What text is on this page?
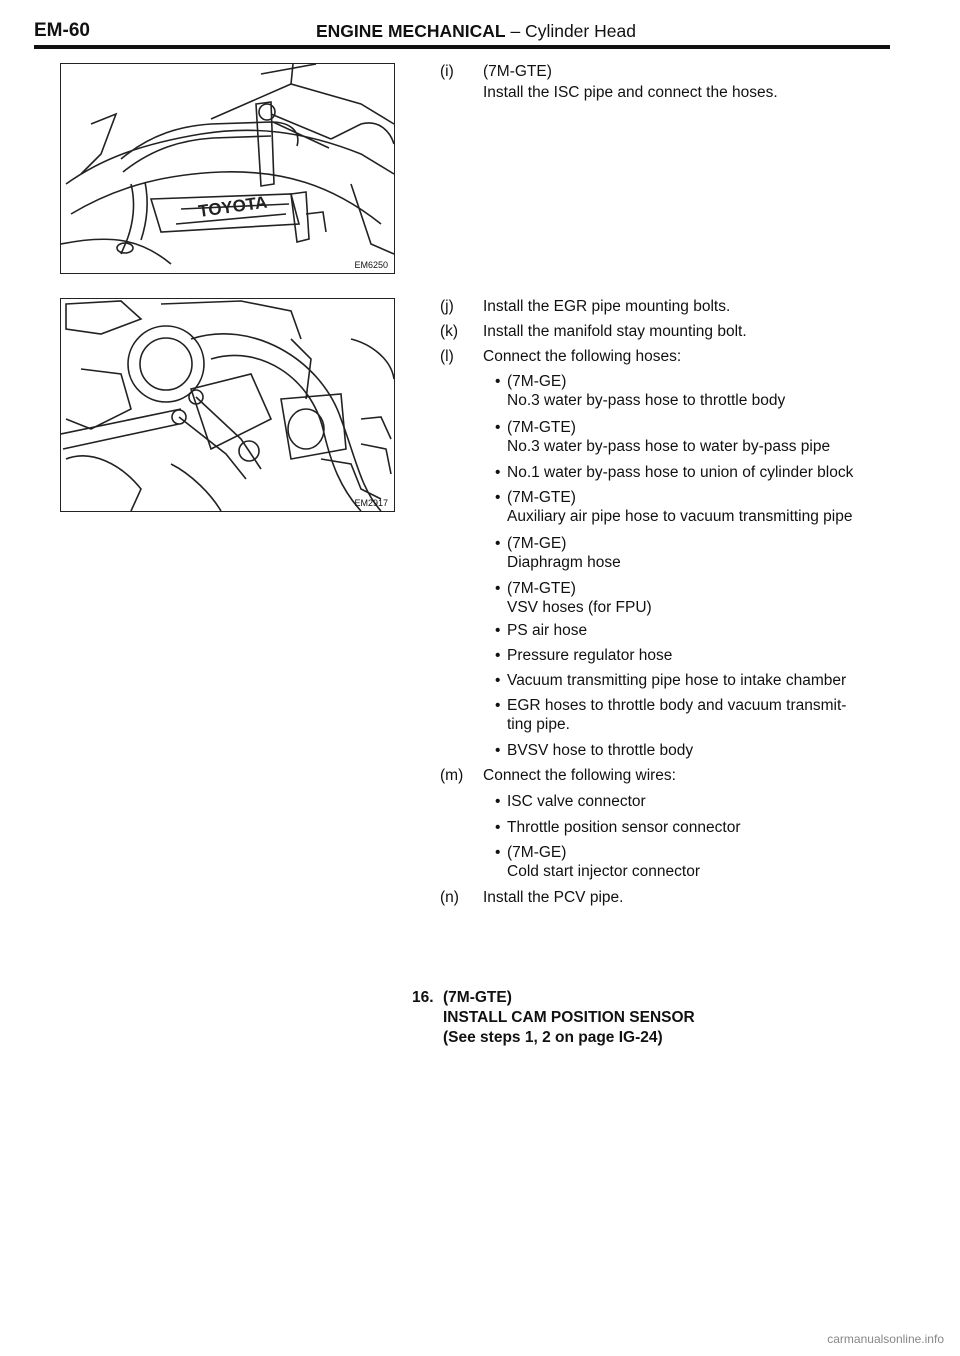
EM-60	ENGINE MECHANICAL – Cylinder Head
TOYOTA
EM6250
EM2917
(i) (7M-GTE)
Install the ISC pipe and connect the hoses.
(j) Install the EGR pipe mounting bolts.
(k) Install the manifold stay mounting bolt.
(l) Connect the following hoses:
• (7M-GE)
No.3 water by-pass hose to throttle body
• (7M-GTE)
No.3 water by-pass hose to water by-pass pipe
• No.1 water by-pass hose to union of cylinder block
• (7M-GTE)
Auxiliary air pipe hose to vacuum transmitting pipe
• (7M-GE)
Diaphragm hose
• (7M-GTE)
VSV hoses (for FPU)
• PS air hose
• Pressure regulator hose
• Vacuum transmitting pipe hose to intake chamber
• EGR hoses to throttle body and vacuum transmit-
ting pipe.
• BVSV hose to throttle body
(m) Connect the following wires:
• ISC valve connector
• Throttle position sensor connector
• (7M-GE)
Cold start injector connector
(n) Install the PCV pipe.
16. (7M-GTE)
INSTALL CAM POSITION SENSOR
(See steps 1, 2 on page IG-24)
carmanualsonline.info
